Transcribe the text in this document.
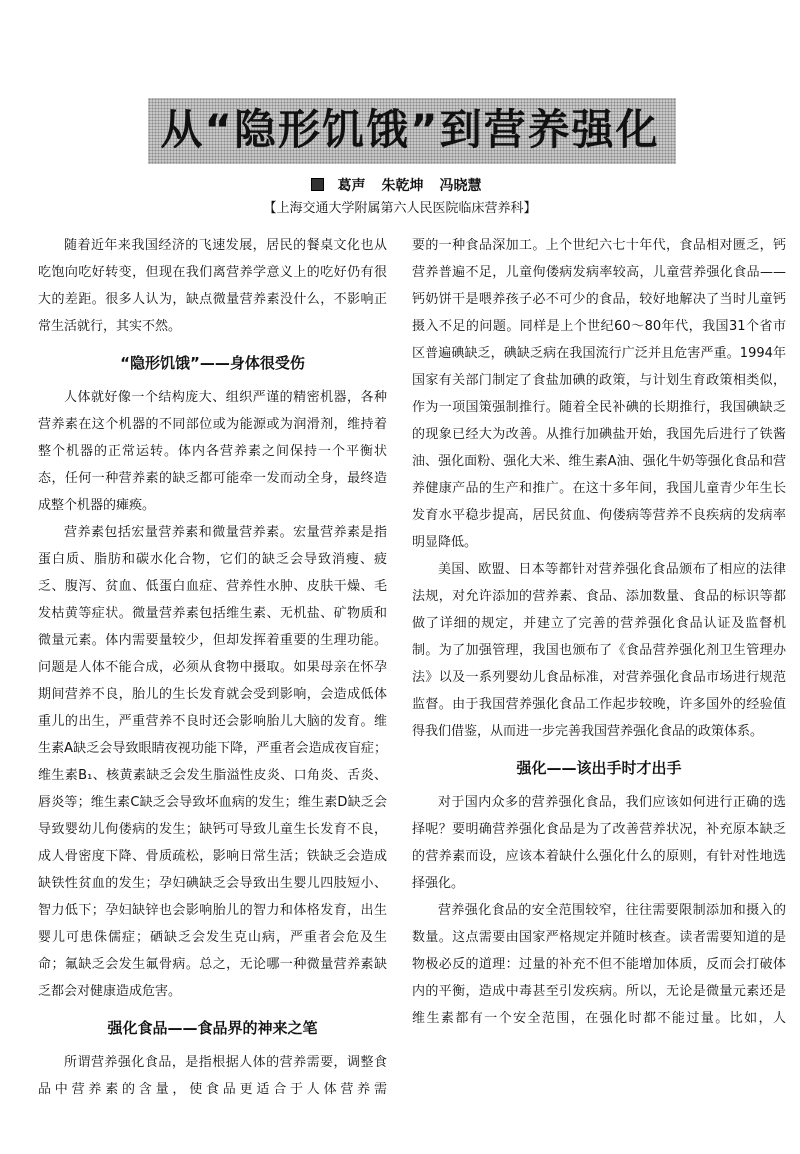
从“隐形饥饿”到营养强化
葛声 朱乾坤 冯晓慧
【上海交通大学附属第六人民医院临床营养科】

随着近年来我国经济的飞速发展，居民的餐桌文化也从吃饱向吃好转变，但现在我们离营养学意义上的吃好仍有很大的差距。很多人认为，缺点微量营养素没什么，不影响正常生活就行，其实不然。

“隐形饥饿”——身体很受伤

人体就好像一个结构庞大、组织严谨的精密机器，各种营养素在这个机器的不同部位或为能源或为润滑剂，维持着整个机器的正常运转。体内各营养素之间保持一个平衡状态，任何一种营养素的缺乏都可能牵一发而动全身，最终造成整个机器的瘫痪。

营养素包括宏量营养素和微量营养素。宏量营养素是指蛋白质、脂肪和碳水化合物，它们的缺乏会导致消瘦、疲乏、腹泻、贫血、低蛋白血症、营养性水肿、皮肤干燥、毛发枯黄等症状。微量营养素包括维生素、无机盐、矿物质和微量元素。体内需要量较少，但却发挥着重要的生理功能。问题是人体不能合成，必须从食物中摄取。如果母亲在怀孕期间营养不良，胎儿的生长发育就会受到影响，会造成低体重儿的出生，严重营养不良时还会影响胎儿大脑的发育。维生素A缺乏会导致眼睛夜视功能下降，严重者会造成夜盲症；维生素B₁、核黄素缺乏会发生脂溢性皮炎、口角炎、舌炎、唇炎等；维生素C缺乏会导致坏血病的发生；维生素D缺乏会导致婴幼儿佝偻病的发生；缺钙可导致儿童生长发育不良，成人骨密度下降、骨质疏松，影响日常生活；铁缺乏会造成缺铁性贫血的发生；孕妇碘缺乏会导致出生婴儿四肢短小、智力低下；孕妇缺锌也会影响胎儿的智力和体格发育，出生婴儿可患侏儒症；硒缺乏会发生克山病，严重者会危及生命；氟缺乏会发生氟骨病。总之，无论哪一种微量营养素缺乏都会对健康造成危害。

强化食品——食品界的神来之笔

所谓营养强化食品，是指根据人体的营养需要，调整食品中营养素的含量，使食品更适合于人体营养需

要的一种食品深加工。上个世纪六七十年代，食品相对匮乏，钙营养普遍不足，儿童佝偻病发病率较高，儿童营养强化食品——钙奶饼干是喂养孩子必不可少的食品，较好地解决了当时儿童钙摄入不足的问题。同样是上个世纪60～80年代，我国31个省市区普遍碘缺乏，碘缺乏病在我国流行广泛并且危害严重。1994年国家有关部门制定了食盐加碘的政策，与计划生育政策相类似，作为一项国策强制推行。随着全民补碘的长期推行，我国碘缺乏的现象已经大为改善。从推行加碘盐开始，我国先后进行了铁酱油、强化面粉、强化大米、维生素A油、强化牛奶等强化食品和营养健康产品的生产和推广。在这十多年间，我国儿童青少年生长发育水平稳步提高，居民贫血、佝偻病等营养不良疾病的发病率明显降低。

美国、欧盟、日本等都针对营养强化食品颁布了相应的法律法规，对允许添加的营养素、食品、添加数量、食品的标识等都做了详细的规定，并建立了完善的营养强化食品认证及监督机制。为了加强管理，我国也颁布了《食品营养强化剂卫生管理办法》以及一系列婴幼儿食品标准，对营养强化食品市场进行规范监督。由于我国营养强化食品工作起步较晚，许多国外的经验值得我们借鉴，从而进一步完善我国营养强化食品的政策体系。

强化——该出手时才出手

对于国内众多的营养强化食品，我们应该如何进行正确的选择呢？要明确营养强化食品是为了改善营养状况，补充原本缺乏的营养素而设，应该本着缺什么强化什么的原则，有针对性地选择强化。

营养强化食品的安全范围较窄，往往需要限制添加和摄入的数量。这点需要由国家严格规定并随时核查。读者需要知道的是物极必反的道理：过量的补充不但不能增加体质，反而会打破体内的平衡，造成中毒甚至引发疾病。所以，无论是微量元素还是维生素都有一个安全范围，在强化时都不能过量。比如，人
